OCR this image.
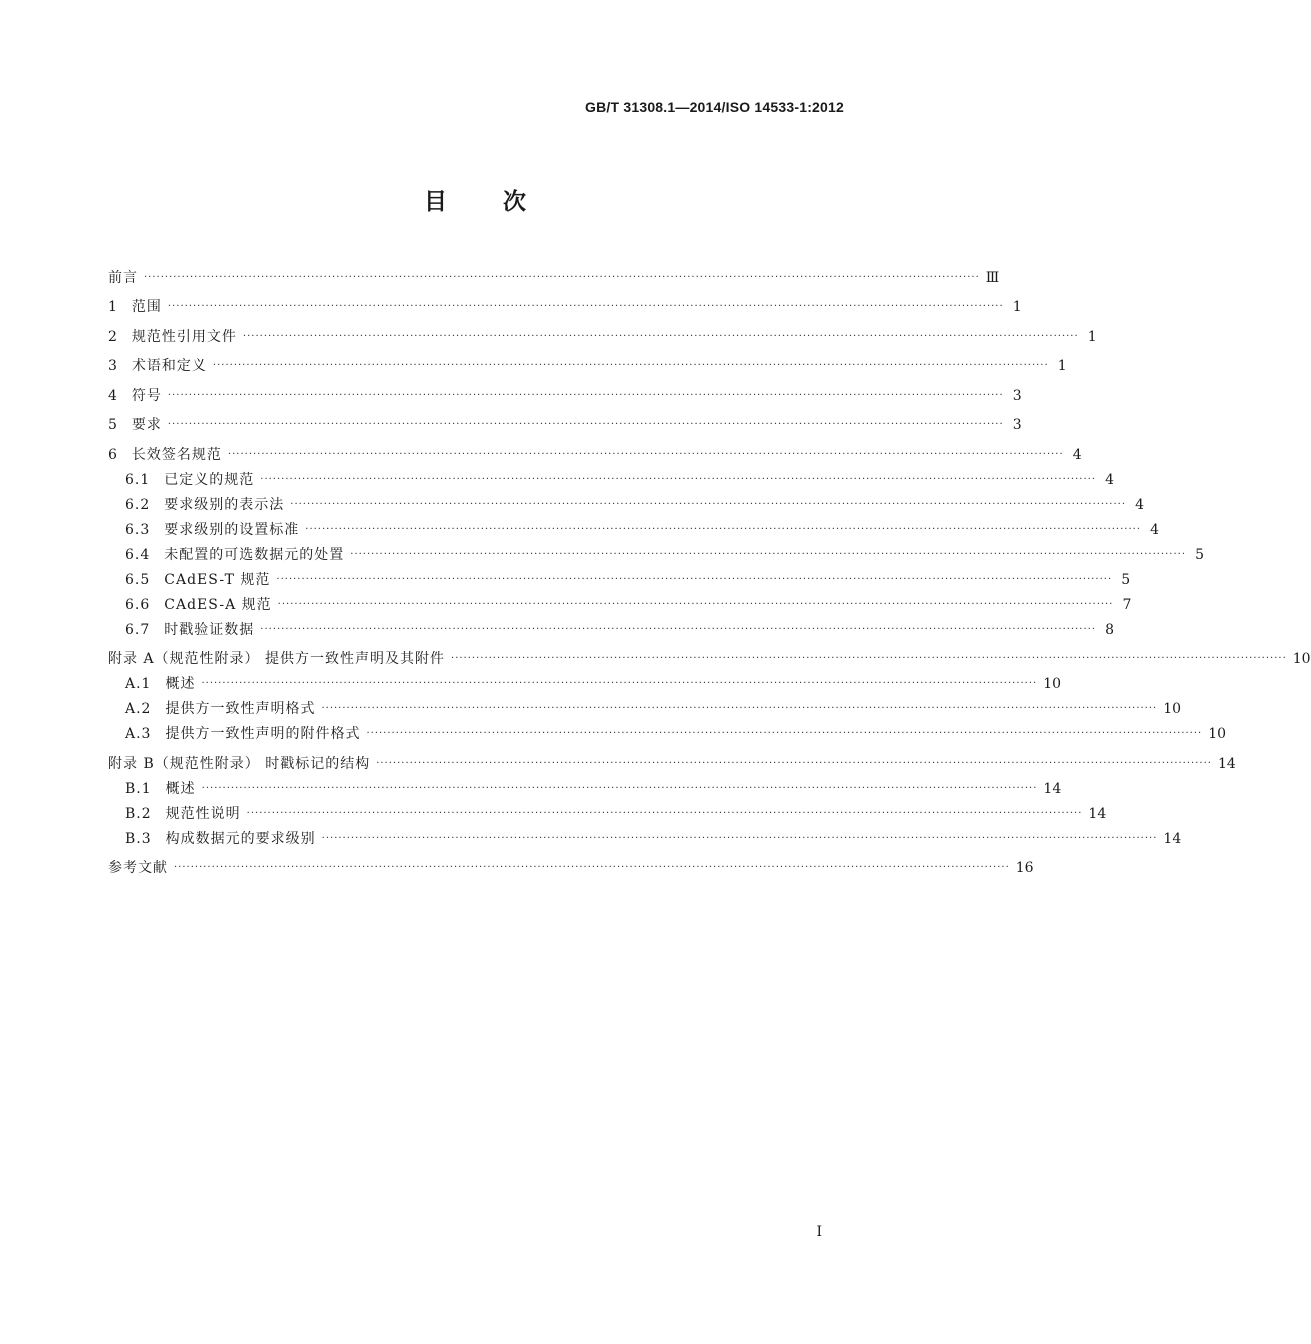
GB/T 31308.1—2014/ISO 14533-1:2012
目次
前言 ········································································································································································································ Ⅲ
1 范围 ········································································································································································································ 1
2 规范性引用文件 ········································································································································································································ 1
3 术语和定义 ········································································································································································································ 1
4 符号 ········································································································································································································ 3
5 要求 ········································································································································································································ 3
6 长效签名规范 ········································································································································································································ 4
6.1 已定义的规范 ········································································································································································································ 4
6.2 要求级别的表示法 ········································································································································································································ 4
6.3 要求级别的设置标准 ········································································································································································································ 4
6.4 未配置的可选数据元的处置 ········································································································································································································ 5
6.5 CAdES-T 规范 ········································································································································································································ 5
6.6 CAdES-A 规范 ········································································································································································································ 7
6.7 时戳验证数据 ········································································································································································································ 8
附录 A（规范性附录） 提供方一致性声明及其附件 ········································································································································································································ 10
A.1 概述 ········································································································································································································ 10
A.2 提供方一致性声明格式 ········································································································································································································ 10
A.3 提供方一致性声明的附件格式 ········································································································································································································ 10
附录 B（规范性附录） 时戳标记的结构 ········································································································································································································ 14
B.1 概述 ········································································································································································································ 14
B.2 规范性说明 ········································································································································································································ 14
B.3 构成数据元的要求级别 ········································································································································································································ 14
参考文献 ········································································································································································································ 16
Ⅰ
